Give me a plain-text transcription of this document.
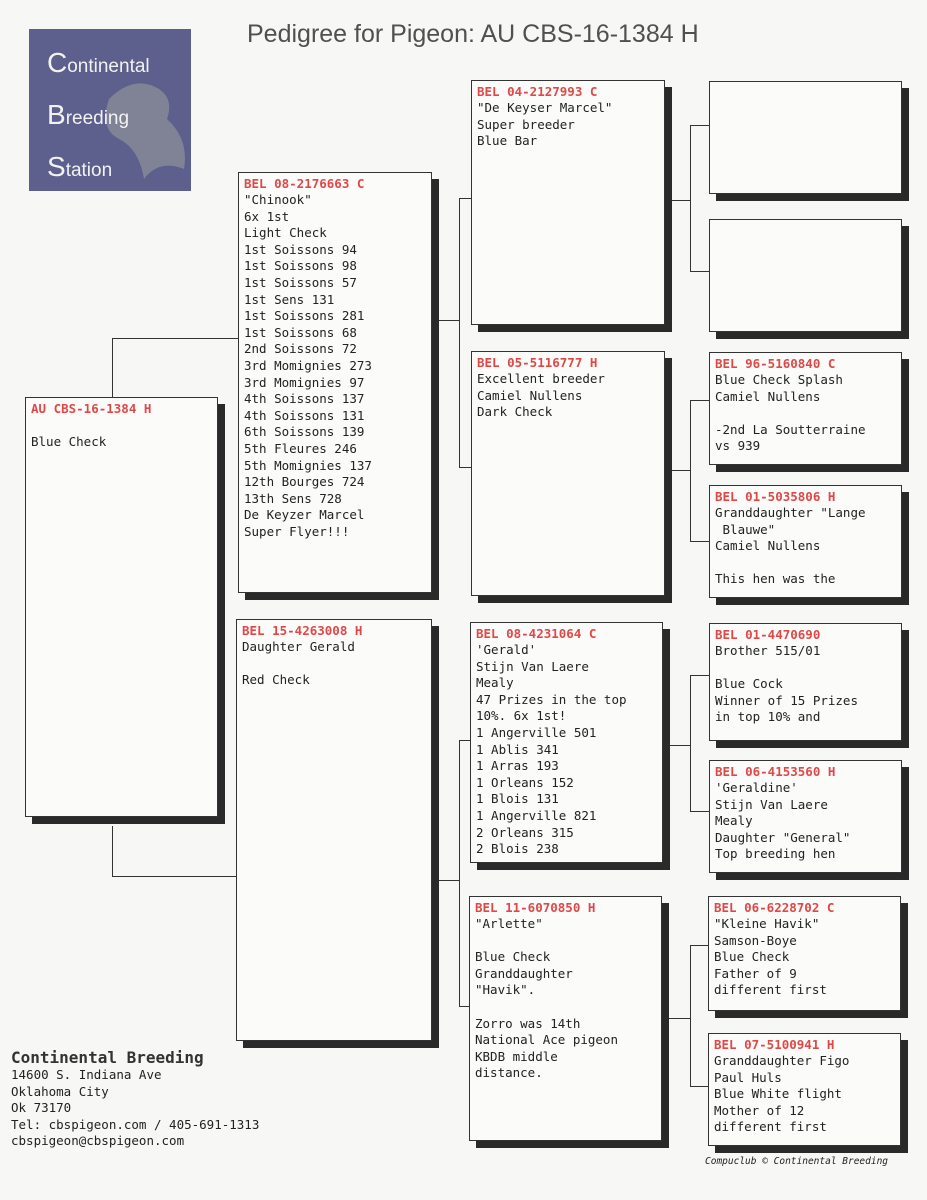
Pedigree for Pigeon: AU CBS-16-1384 H
Continental
Breeding
Station
AU CBS-16-1384 H
Blue Check
BEL 08-2176663 C
"Chinook"
6x 1st
Light Check
1st Soissons 94
1st Soissons 98
1st Soissons 57
1st Sens 131
1st Soissons 281
1st Soissons 68
2nd Soissons 72
3rd Momignies 273
3rd Momignies 97
4th Soissons 137
4th Soissons 131
6th Soissons 139
5th Fleures 246
5th Momignies 137
12th Bourges 724
13th Sens 728
De Keyzer Marcel
Super Flyer!!!
BEL 15-4263008 H
Daughter Gerald
Red Check
BEL 04-2127993 C
"De Keyser Marcel"
Super breeder
Blue Bar
BEL 05-5116777 H
Excellent breeder
Camiel Nullens
Dark Check
BEL 08-4231064 C
'Gerald'
Stijn Van Laere
Mealy
47 Prizes in the top
10%. 6x 1st!
1 Angerville 501
1 Ablis 341
1 Arras 193
1 Orleans 152
1 Blois 131
1 Angerville 821
2 Orleans 315
2 Blois 238
BEL 11-6070850 H
"Arlette"
Blue Check
Granddaughter
"Havik".
Zorro was 14th
National Ace pigeon
KBDB middle
distance.
BEL 96-5160840 C
Blue Check Splash
Camiel Nullens
-2nd La Soutterraine
vs 939
BEL 01-5035806 H
Granddaughter "Lange
Blauwe"
Camiel Nullens
This hen was the
BEL 01-4470690
Brother 515/01
Blue Cock
Winner of 15 Prizes
in top 10% and
BEL 06-4153560 H
'Geraldine'
Stijn Van Laere
Mealy
Daughter "General"
Top breeding hen
BEL 06-6228702 C
"Kleine Havik"
Samson-Boye
Blue Check
Father of 9
different first
BEL 07-5100941 H
Granddaughter Figo
Paul Huls
Blue White flight
Mother of 12
different first
Continental Breeding
14600 S. Indiana Ave
Oklahoma City
Ok 73170
Tel: cbspigeon.com / 405-691-1313
cbspigeon@cbspigeon.com
Compuclub © Continental Breeding
